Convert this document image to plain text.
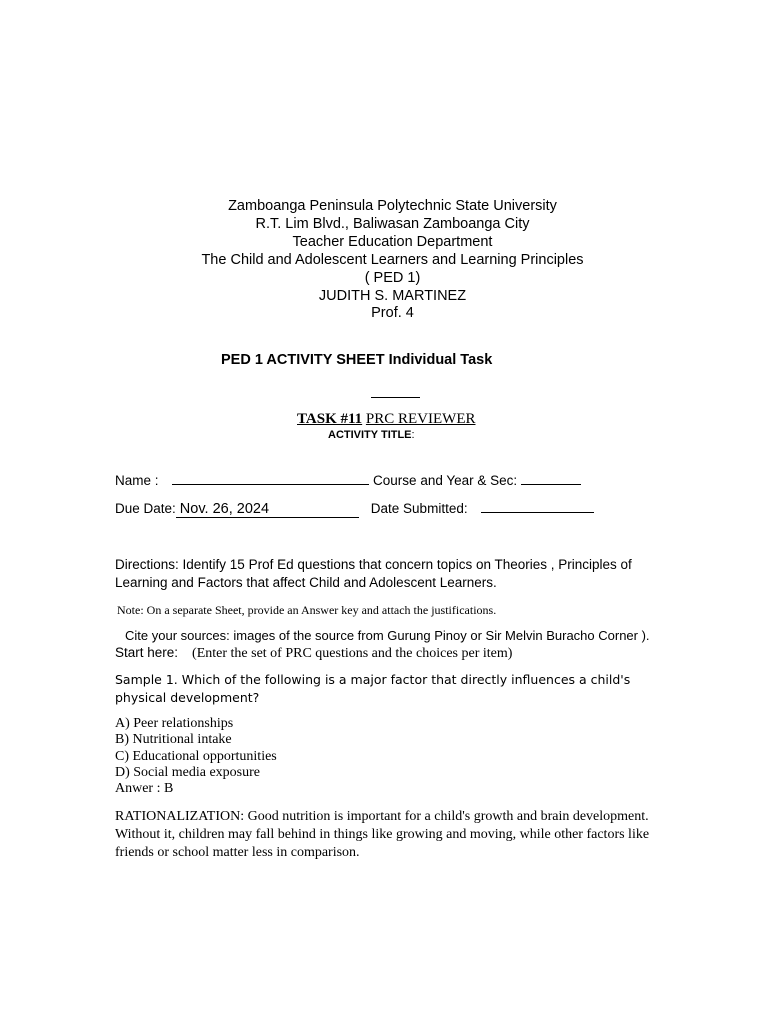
Zamboanga Peninsula Polytechnic State University
R.T. Lim Blvd., Baliwasan Zamboanga City
Teacher Education Department
The Child and Adolescent Learners and Learning Principles
( PED 1)
JUDITH S. MARTINEZ
Prof. 4
PED 1 ACTIVITY SHEET Individual Task
TASK #11 PRC REVIEWER
ACTIVITY TITLE:
Name :	Course and Year & Sec:
Due Date: Nov. 26, 2024	Date Submitted:
Directions: Identify 15 Prof Ed questions that concern topics on Theories , Principles of Learning and Factors that affect Child and Adolescent Learners.
Note: On a separate Sheet, provide an Answer key and attach the justifications.
Cite your sources: images of the source from Gurung Pinoy or Sir Melvin Buracho Corner ).
Start here: (Enter the set of PRC questions and the choices per item)
Sample 1. Which of the following is a major factor that directly influences a child's physical development?
A) Peer relationships
B) Nutritional intake
C) Educational opportunities
D) Social media exposure
Anwer : B
RATIONALIZATION: Good nutrition is important for a child's growth and brain development. Without it, children may fall behind in things like growing and moving, while other factors like friends or school matter less in comparison.
